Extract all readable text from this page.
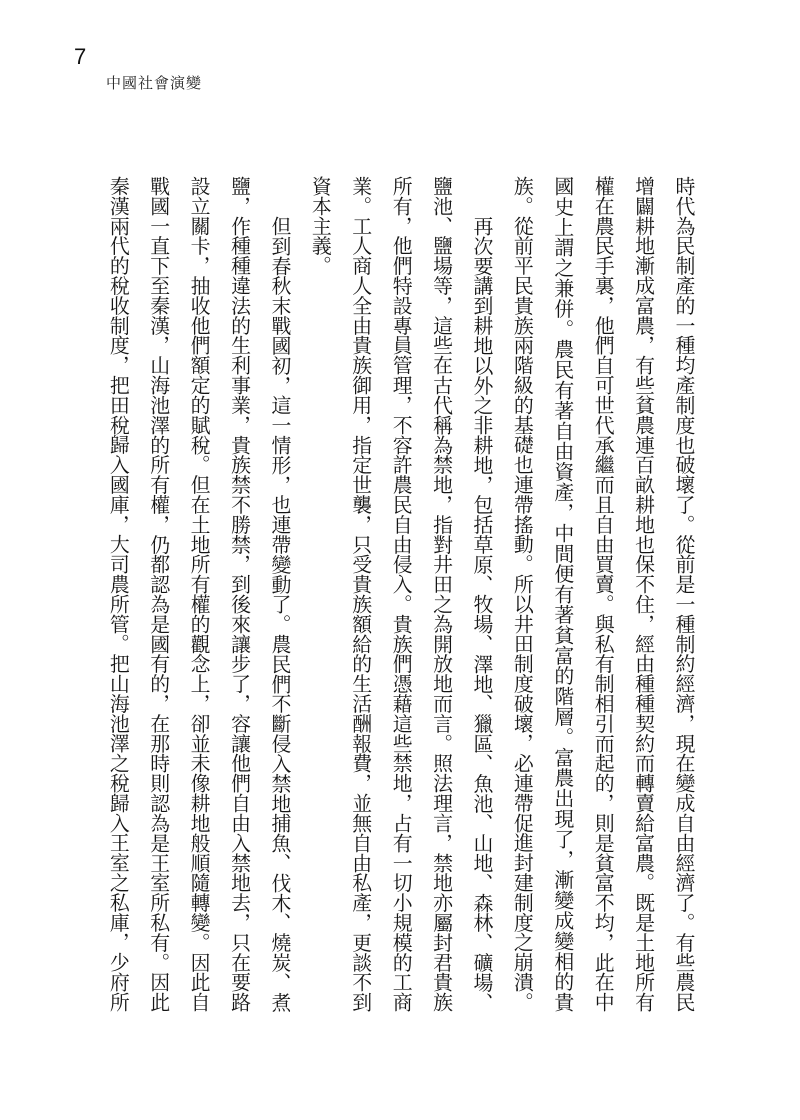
7
中國社會演變

時代為民制產的一種均產制度也破壞了。從前是一種制約經濟，現在變成自由經濟了。有些農民增闢耕地漸成富農，有些貧農連百畝耕地也保不住，經由種種契約而轉賣給富農。既是土地所有權在農民手裏，他們自可世代承繼而且自由買賣。與私有制相引而起的，則是貧富不均，此在中國史上謂之兼併。農民有著自由資產，中間便有著貧富的階層。富農出現了，漸變成變相的貴族。從前平民貴族兩階級的基礎也連帶搖動。所以井田制度破壞，必連帶促進封建制度之崩潰。

再次要講到耕地以外之非耕地，包括草原、牧場、澤地、獵區、魚池、山地、森林、礦場、鹽池、鹽場等，這些在古代稱為禁地，指對井田之為開放地而言。照法理言，禁地亦屬封君貴族所有，他們特設專員管理，不容許農民自由侵入。貴族們憑藉這些禁地，占有一切小規模的工商業。工人商人全由貴族御用，指定世襲，只受貴族額給的生活酬報費，並無自由私產，更談不到資本主義。

但到春秋末戰國初，這一情形，也連帶變動了。農民們不斷侵入禁地捕魚、伐木、燒炭、煮鹽，作種種違法的生利事業，貴族禁不勝禁，到後來讓步了，容讓他們自由入禁地去，只在要路設立關卡，抽收他們額定的賦稅。但在土地所有權的觀念上，卻並未像耕地般順隨轉變。因此自戰國一直下至秦漢，山海池澤的所有權，仍都認為是國有的，在那時則認為是王室所私有。因此秦漢兩代的稅收制度，把田稅歸入國庫，大司農所管。把山海池澤之稅歸入王室之私庫，少府所
